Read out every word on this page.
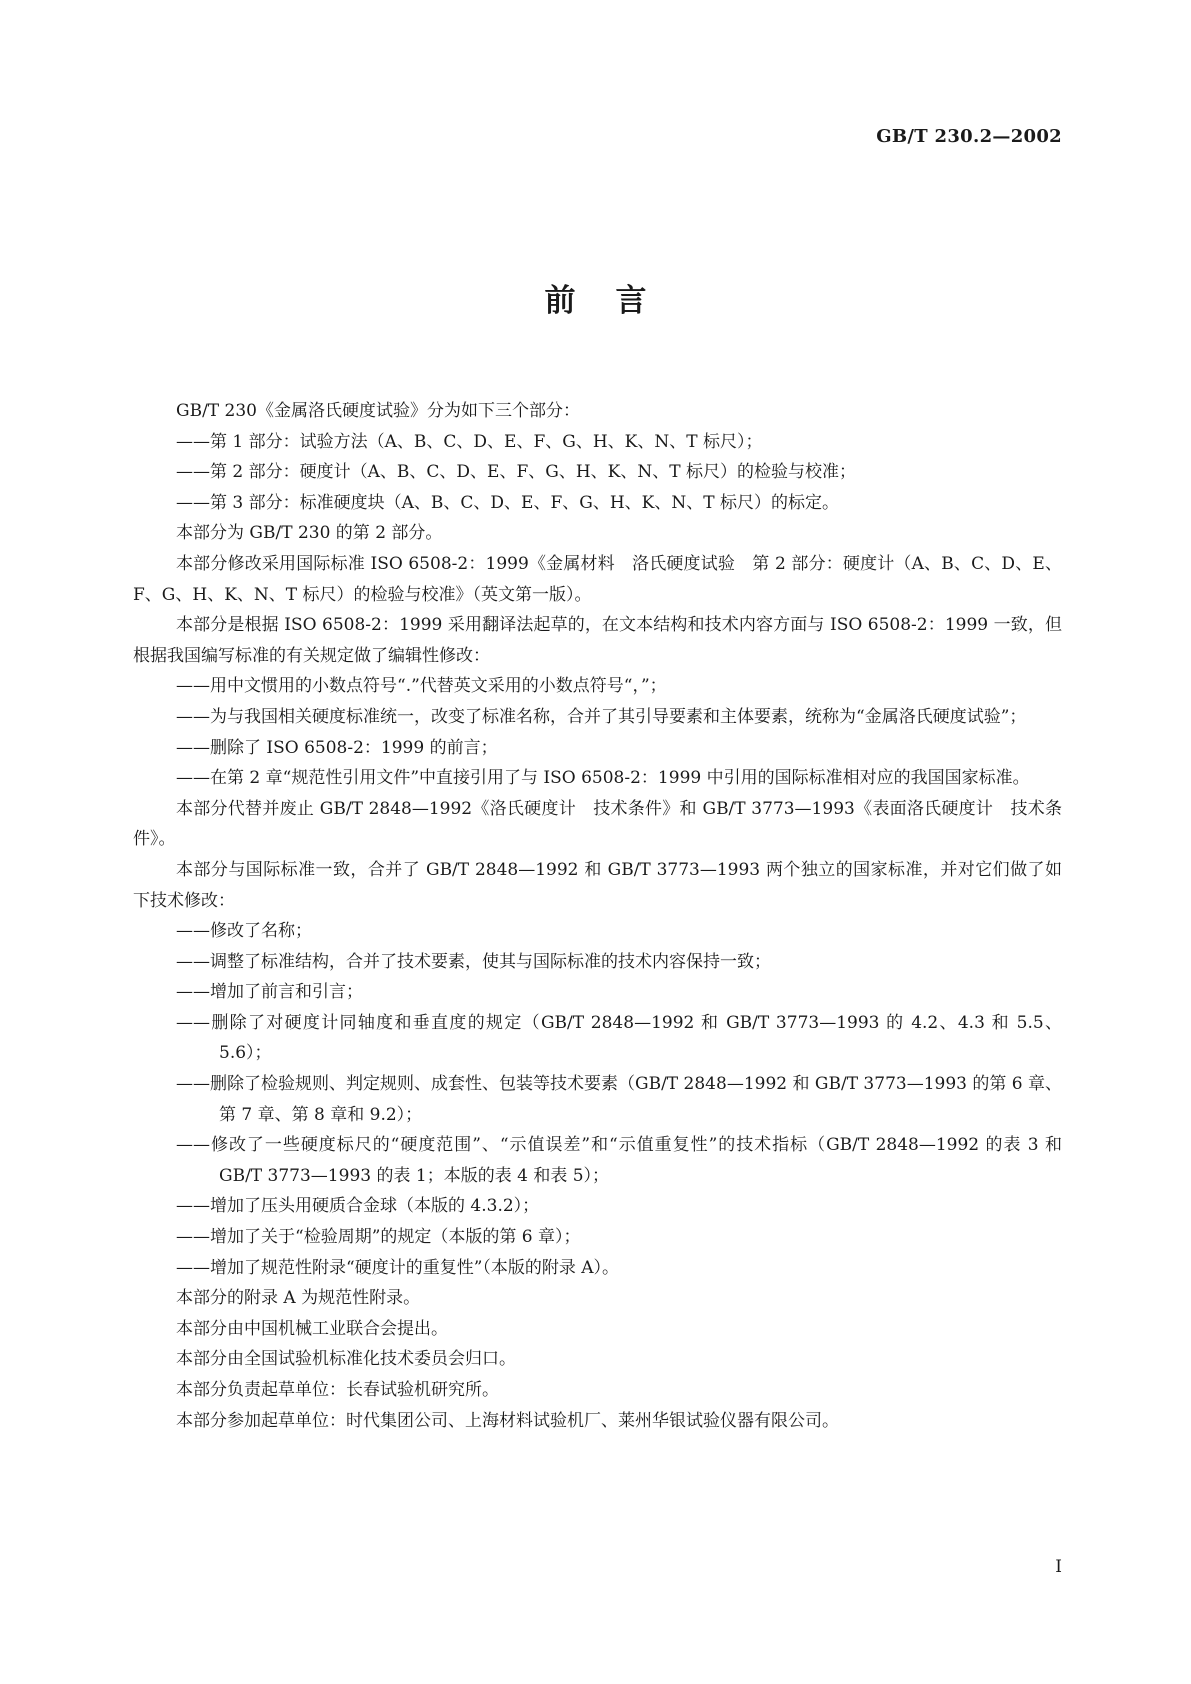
GB/T 230.2—2002
前言

GB/T 230《金属洛氏硬度试验》分为如下三个部分：

——第 1 部分：试验方法（A、B、C、D、E、F、G、H、K、N、T 标尺）；

——第 2 部分：硬度计（A、B、C、D、E、F、G、H、K、N、T 标尺）的检验与校准；

——第 3 部分：标准硬度块（A、B、C、D、E、F、G、H、K、N、T 标尺）的标定。

本部分为 GB/T 230 的第 2 部分。

本部分修改采用国际标准 ISO 6508-2：1999《金属材料　洛氏硬度试验　第 2 部分：硬度计（A、B、C、D、E、F、G、H、K、N、T 标尺）的检验与校准》（英文第一版）。

本部分是根据 ISO 6508-2：1999 采用翻译法起草的，在文本结构和技术内容方面与 ISO 6508-2：1999 一致，但根据我国编写标准的有关规定做了编辑性修改：

——用中文惯用的小数点符号“.”代替英文采用的小数点符号“，”；

——为与我国相关硬度标准统一，改变了标准名称，合并了其引导要素和主体要素，统称为“金属洛氏硬度试验”；

——删除了 ISO 6508-2：1999 的前言；

——在第 2 章“规范性引用文件”中直接引用了与 ISO 6508-2：1999 中引用的国际标准相对应的我国国家标准。

本部分代替并废止 GB/T 2848—1992《洛氏硬度计　技术条件》和 GB/T 3773—1993《表面洛氏硬度计　技术条件》。

本部分与国际标准一致，合并了 GB/T 2848—1992 和 GB/T 3773—1993 两个独立的国家标准，并对它们做了如下技术修改：

——修改了名称；

——调整了标准结构，合并了技术要素，使其与国际标准的技术内容保持一致；

——增加了前言和引言；

——删除了对硬度计同轴度和垂直度的规定（GB/T 2848—1992 和 GB/T 3773—1993 的 4.2、4.3 和 5.5、5.6）；

——删除了检验规则、判定规则、成套性、包装等技术要素（GB/T 2848—1992 和 GB/T 3773—1993 的第 6 章、第 7 章、第 8 章和 9.2）；

——修改了一些硬度标尺的“硬度范围”、“示值误差”和“示值重复性”的技术指标（GB/T 2848—1992 的表 3 和 GB/T 3773—1993 的表 1；本版的表 4 和表 5）；

——增加了压头用硬质合金球（本版的 4.3.2）；

——增加了关于“检验周期”的规定（本版的第 6 章）；

——增加了规范性附录“硬度计的重复性”（本版的附录 A）。

本部分的附录 A 为规范性附录。

本部分由中国机械工业联合会提出。

本部分由全国试验机标准化技术委员会归口。

本部分负责起草单位：长春试验机研究所。

本部分参加起草单位：时代集团公司、上海材料试验机厂、莱州华银试验仪器有限公司。

I
